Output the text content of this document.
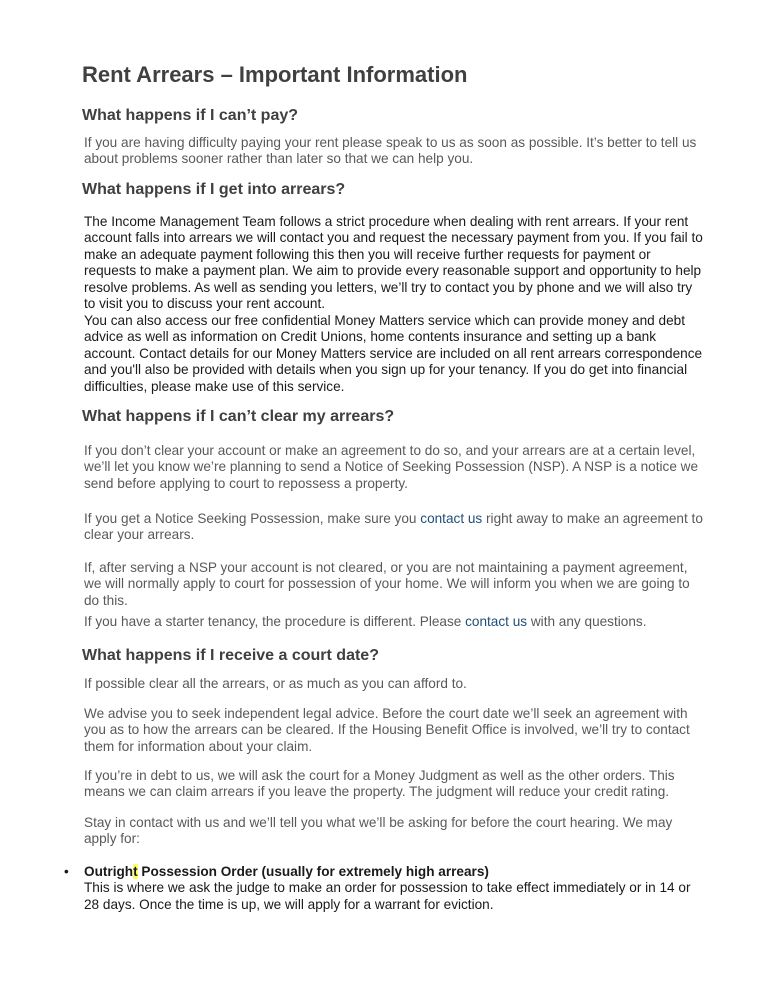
Rent Arrears – Important Information
What happens if I can’t pay?

If you are having difficulty paying your rent please speak to us as soon as possible. It’s better to tell us about problems sooner rather than later so that we can help you.

What happens if I get into arrears?

The Income Management Team follows a strict procedure when dealing with rent arrears. If your rent account falls into arrears we will contact you and request the necessary payment from you. If you fail to make an adequate payment following this then you will receive further requests for payment or requests to make a payment plan. We aim to provide every reasonable support and opportunity to help resolve problems. As well as sending you letters, we’ll try to contact you by phone and we will also try to visit you to discuss your rent account.

You can also access our free confidential Money Matters service which can provide money and debt advice as well as information on Credit Unions, home contents insurance and setting up a bank account. Contact details for our Money Matters service are included on all rent arrears correspondence and you'll also be provided with details when you sign up for your tenancy. If you do get into financial difficulties, please make use of this service.

What happens if I can’t clear my arrears?

If you don’t clear your account or make an agreement to do so, and your arrears are at a certain level, we’ll let you know we’re planning to send a Notice of Seeking Possession (NSP). A NSP is a notice we send before applying to court to repossess a property.

If you get a Notice Seeking Possession, make sure you contact us right away to make an agreement to clear your arrears.

If, after serving a NSP your account is not cleared, or you are not maintaining a payment agreement, we will normally apply to court for possession of your home. We will inform you when we are going to do this.

If you have a starter tenancy, the procedure is different. Please contact us with any questions.

What happens if I receive a court date?

If possible clear all the arrears, or as much as you can afford to.

We advise you to seek independent legal advice. Before the court date we’ll seek an agreement with you as to how the arrears can be cleared. If the Housing Benefit Office is involved, we’ll try to contact them for information about your claim.

If you’re in debt to us, we will ask the court for a Money Judgment as well as the other orders. This means we can claim arrears if you leave the property. The judgment will reduce your credit rating.

Stay in contact with us and we’ll tell you what we’ll be asking for before the court hearing. We may apply for:

• Outright Possession Order (usually for extremely high arrears)
This is where we ask the judge to make an order for possession to take effect immediately or in 14 or 28 days. Once the time is up, we will apply for a warrant for eviction.
